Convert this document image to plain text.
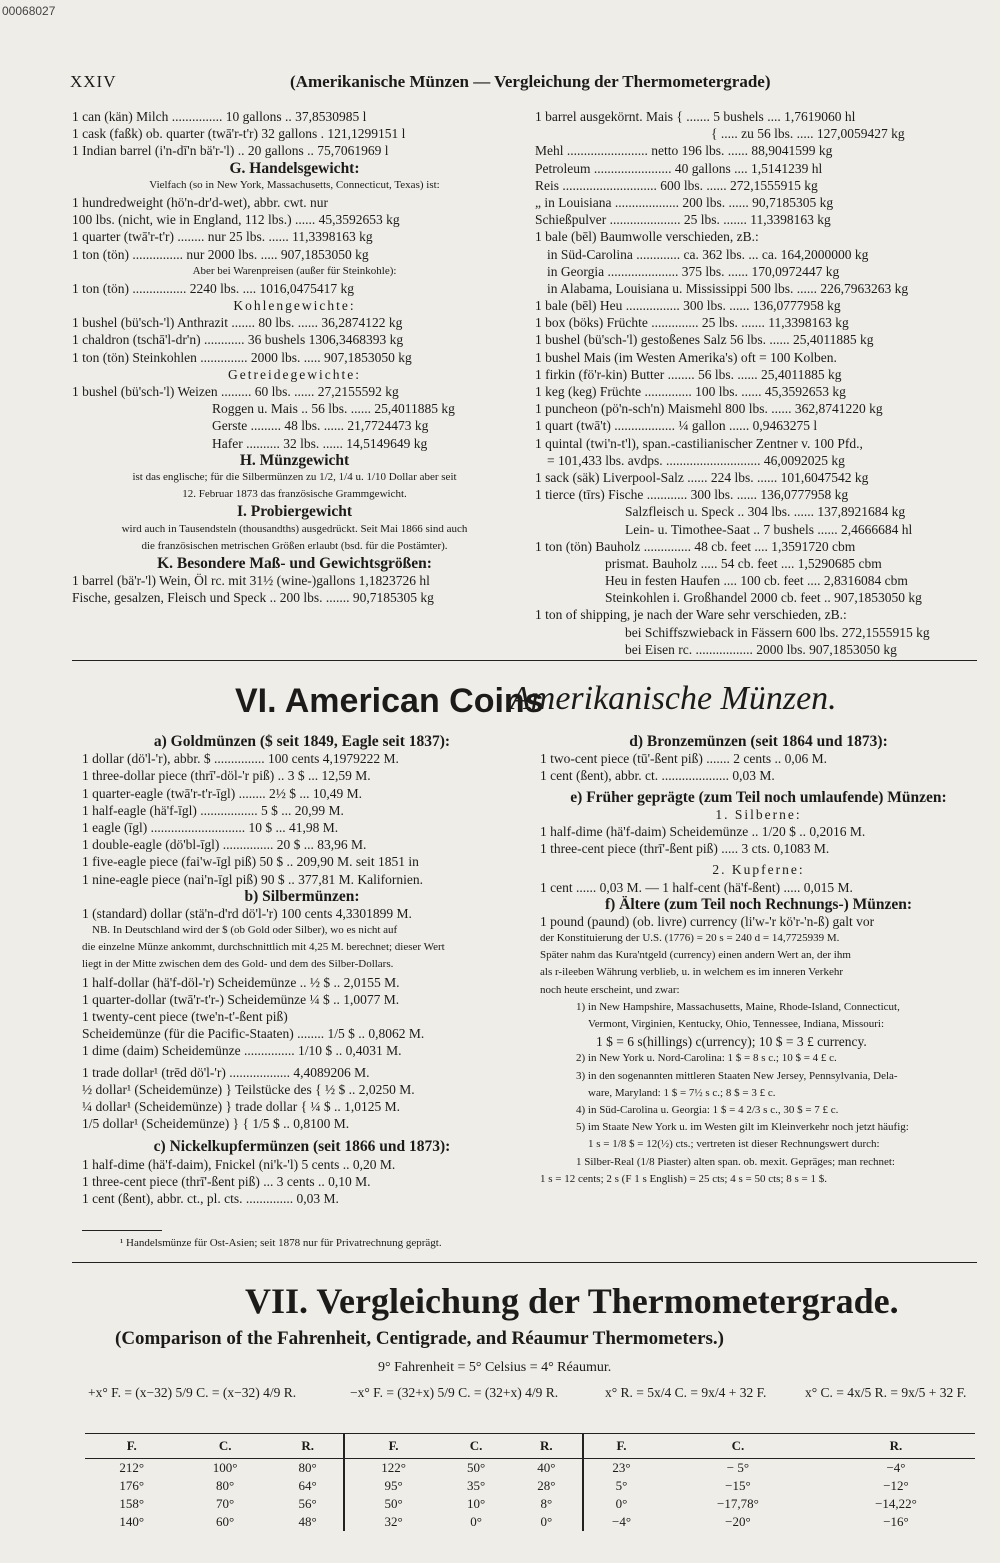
00068027
XXIV	(Amerikanische Münzen — Vergleichung der Thermometergrade)
1 can (kän) Milch ............... 10 gallons .. 37,8530985 l
1 cask (faßk) ob. quarter (twā'r-t'r) 32 gallons . 121,1299151 l
1 Indian barrel (i'n-dī'n bä'r-'l) .. 20 gallons .. 75,7061969 l
G. Handelsgewicht:
Vielfach (so in New York, Massachusetts, Connecticut, Texas) ist:
1 hundredweight (hö'n-dr'd-wet), abbr. cwt. nur
100 lbs. (nicht, wie in England, 112 lbs.) ...... 45,3592653 kg
1 quarter (twā'r-t'r) ........ nur 25 lbs. ...... 11,3398163 kg
1 ton (tön) ............... nur 2000 lbs. ..... 907,1853050 kg
Aber bei Warenpreisen (außer für Steinkohle):
1 ton (tön) ................ 2240 lbs. .... 1016,0475417 kg
Kohlengewichte:
1 bushel (bü'sch-'l) Anthrazit ....... 80 lbs. ...... 36,2874122 kg
1 chaldron (tschā'l-dr'n) ............ 36 bushels 1306,3468393 kg
1 ton (tön) Steinkohlen .............. 2000 lbs. ..... 907,1853050 kg
Getreidegewichte:
1 bushel (bü'sch-'l) Weizen ......... 60 lbs. ...... 27,2155592 kg
Roggen u. Mais .. 56 lbs. ...... 25,4011885 kg
Gerste ......... 48 lbs. ...... 21,7724473 kg
Hafer .......... 32 lbs. ...... 14,5149649 kg
H. Münzgewicht
ist das englische; für die Silbermünzen zu 1/2, 1/4 u. 1/10 Dollar aber seit
12. Februar 1873 das französische Grammgewicht.
I. Probiergewicht
wird auch in Tausendsteln (thousandths) ausgedrückt. Seit Mai 1866 sind auch
die französischen metrischen Größen erlaubt (bsd. für die Postämter).
K. Besondere Maß- und Gewichtsgrößen:
1 barrel (bä'r-'l) Wein, Öl rc. mit 31½ (wine-)gallons 1,1823726 hl
Fische, gesalzen, Fleisch und Speck .. 200 lbs. ....... 90,7185305 kg
1 barrel ausgekörnt. Mais { ....... 5 bushels .... 1,7619060 hl
{ ..... zu 56 lbs. ..... 127,0059427 kg
Mehl ........................ netto 196 lbs. ...... 88,9041599 kg
Petroleum ....................... 40 gallons .... 1,5141239 hl
Reis ............................ 600 lbs. ...... 272,1555915 kg
„ in Louisiana ................... 200 lbs. ...... 90,7185305 kg
Schießpulver ..................... 25 lbs. ....... 11,3398163 kg
1 bale (bēl) Baumwolle verschieden, zB.:
in Süd-Carolina ............. ca. 362 lbs. ... ca. 164,2000000 kg
in Georgia ..................... 375 lbs. ...... 170,0972447 kg
in Alabama, Louisiana u. Mississippi 500 lbs. ...... 226,7963263 kg
1 bale (bēl) Heu ................ 300 lbs. ...... 136,0777958 kg
1 box (böks) Früchte .............. 25 lbs. ....... 11,3398163 kg
1 bushel (bü'sch-'l) gestoßenes Salz 56 lbs. ...... 25,4011885 kg
1 bushel Mais (im Westen Amerika's) oft = 100 Kolben.
1 firkin (fö'r-kin) Butter ........ 56 lbs. ...... 25,4011885 kg
1 keg (keg) Früchte .............. 100 lbs. ...... 45,3592653 kg
1 puncheon (pö'n-sch'n) Maismehl 800 lbs. ...... 362,8741220 kg
1 quart (twā't) .................. ¼ gallon ...... 0,9463275 l
1 quintal (twi'n-t'l), span.-castilianischer Zentner v. 100 Pfd.,
= 101,433 lbs. avdps. ............................ 46,0092025 kg
1 sack (säk) Liverpool-Salz ...... 224 lbs. ...... 101,6047542 kg
1 tierce (tīrs) Fische ............ 300 lbs. ...... 136,0777958 kg
Salzfleisch u. Speck .. 304 lbs. ...... 137,8921684 kg
Lein- u. Timothee-Saat .. 7 bushels ...... 2,4666684 hl
1 ton (tön) Bauholz .............. 48 cb. feet .... 1,3591720 cbm
prismat. Bauholz ..... 54 cb. feet .... 1,5290685 cbm
Heu in festen Haufen .... 100 cb. feet .... 2,8316084 cbm
Steinkohlen i. Großhandel 2000 cb. feet .. 907,1853050 kg
1 ton of shipping, je nach der Ware sehr verschieden, zB.:
bei Schiffszwieback in Fässern 600 lbs. 272,1555915 kg
bei Eisen rc. ................. 2000 lbs. 907,1853050 kg
VI. American Coins
Amerikanische Münzen.
a) Goldmünzen ($ seit 1849, Eagle seit 1837):
1 dollar (dö'l-'r), abbr. $ ............... 100 cents 4,1979222 M.
1 three-dollar piece (thrī'-döl-'r piß) .. 3 $ ... 12,59 M.
1 quarter-eagle (twā'r-t'r-īgl) ........ 2½ $ ... 10,49 M.
1 half-eagle (hä'f-īgl) ................. 5 $ ... 20,99 M.
1 eagle (īgl) ............................ 10 $ ... 41,98 M.
1 double-eagle (dö'bl-īgl) ............... 20 $ ... 83,96 M.
1 five-eagle piece (fai'w-īgl piß) 50 $ .. 209,90 M. seit 1851 in
1 nine-eagle piece (nai'n-īgl piß) 90 $ .. 377,81 M. Kalifornien.
b) Silbermünzen:
1 (standard) dollar (stä'n-d'rd dö'l-'r) 100 cents 4,3301899 M.
NB. In Deutschland wird der $ (ob Gold oder Silber), wo es nicht auf
die einzelne Münze ankommt, durchschnittlich mit 4,25 M. berechnet; dieser Wert
liegt in der Mitte zwischen dem des Gold- und dem des Silber-Dollars.
1 half-dollar (hä'f-döl-'r) Scheidemünze .. ½ $ .. 2,0155 M.
1 quarter-dollar (twā'r-t'r-) Scheidemünze ¼ $ .. 1,0077 M.
1 twenty-cent piece (twe'n-t'-ßent piß)
Scheidemünze (für die Pacific-Staaten) ........ 1/5 $ .. 0,8062 M.
1 dime (daim) Scheidemünze ............... 1/10 $ .. 0,4031 M.
1 trade dollar¹ (trēd dö'l-'r) .................. 4,4089206 M.
½ dollar¹ (Scheidemünze) } Teilstücke des { ½ $ .. 2,0250 M.
¼ dollar¹ (Scheidemünze) } trade dollar { ¼ $ .. 1,0125 M.
1/5 dollar¹ (Scheidemünze) } { 1/5 $ .. 0,8100 M.
c) Nickelkupfermünzen (seit 1866 und 1873):
1 half-dime (hä'f-daim), Fnickel (ni'k-'l) 5 cents .. 0,20 M.
1 three-cent piece (thrī'-ßent piß) ... 3 cents .. 0,10 M.
1 cent (ßent), abbr. ct., pl. cts. .............. 0,03 M.
¹ Handelsmünze für Ost-Asien; seit 1878 nur für Privatrechnung geprägt.
d) Bronzemünzen (seit 1864 und 1873):
1 two-cent piece (tū'-ßent piß) ....... 2 cents .. 0,06 M.
1 cent (ßent), abbr. ct. .................... 0,03 M.
e) Früher geprägte (zum Teil noch umlaufende) Münzen:
1. Silberne:
1 half-dime (hä'f-daim) Scheidemünze .. 1/20 $ .. 0,2016 M.
1 three-cent piece (thrī'-ßent piß) ..... 3 cts. 0,1083 M.
2. Kupferne:
1 cent ...... 0,03 M. — 1 half-cent (hä'f-ßent) ..... 0,015 M.
f) Ältere (zum Teil noch Rechnungs-) Münzen:
1 pound (paund) (ob. livre) currency (li'w-'r kö'r-'n-ß) galt vor
der Konstituierung der U.S. (1776) = 20 s = 240 d = 14,7725939 M.
Später nahm das Kura'ntgeld (currency) einen andern Wert an, der ihm
als r-ileeben Währung verblieb, u. in welchem es im inneren Verkehr
noch heute erscheint, und zwar:
1) in New Hampshire, Massachusetts, Maine, Rhode-Island, Connecticut,
Vermont, Virginien, Kentucky, Ohio, Tennessee, Indiana, Missouri:
1 $ = 6 s(hillings) c(urrency); 10 $ = 3 £ currency.
2) in New York u. Nord-Carolina: 1 $ = 8 s c.; 10 $ = 4 £ c.
3) in den sogenannten mittleren Staaten New Jersey, Pennsylvania, Dela-
ware, Maryland: 1 $ = 7½ s c.; 8 $ = 3 £ c.
4) in Süd-Carolina u. Georgia: 1 $ = 4 2/3 s c., 30 $ = 7 £ c.
5) im Staate New York u. im Westen gilt im Kleinverkehr noch jetzt häufig:
1 s = 1/8 $ = 12(½) cts.; vertreten ist dieser Rechnungswert durch:
1 Silber-Real (1/8 Piaster) alten span. ob. mexit. Gepräges; man rechnet:
1 s = 12 cents; 2 s (F 1 s English) = 25 cts; 4 s = 50 cts; 8 s = 1 $.
VII. Vergleichung der Thermometergrade.
(Comparison of the Fahrenheit, Centigrade, and Réaumur Thermometers.)
9° Fahrenheit = 5° Celsius = 4° Réaumur.
+x° F. = (x−32) 5/9 C. = (x−32) 4/9 R.	−x° F. = (32+x) 5/9 C. = (32+x) 4/9 R.	x° R. = 5x/4 C. = 9x/4 + 32 F.	x° C. = 4x/5 R. = 9x/5 + 32 F.
F.	C.	R.	F.	C.	R.	F.	C.	R.
212°	100°	80°	122°	50°	40°	23°	− 5°	−4°
176°	80°	64°	95°	35°	28°	5°	−15°	−12°
158°	70°	56°	50°	10°	8°	0°	−17,78°	−14,22°
140°	60°	48°	32°	0°	0°	−4°	−20°	−16°
